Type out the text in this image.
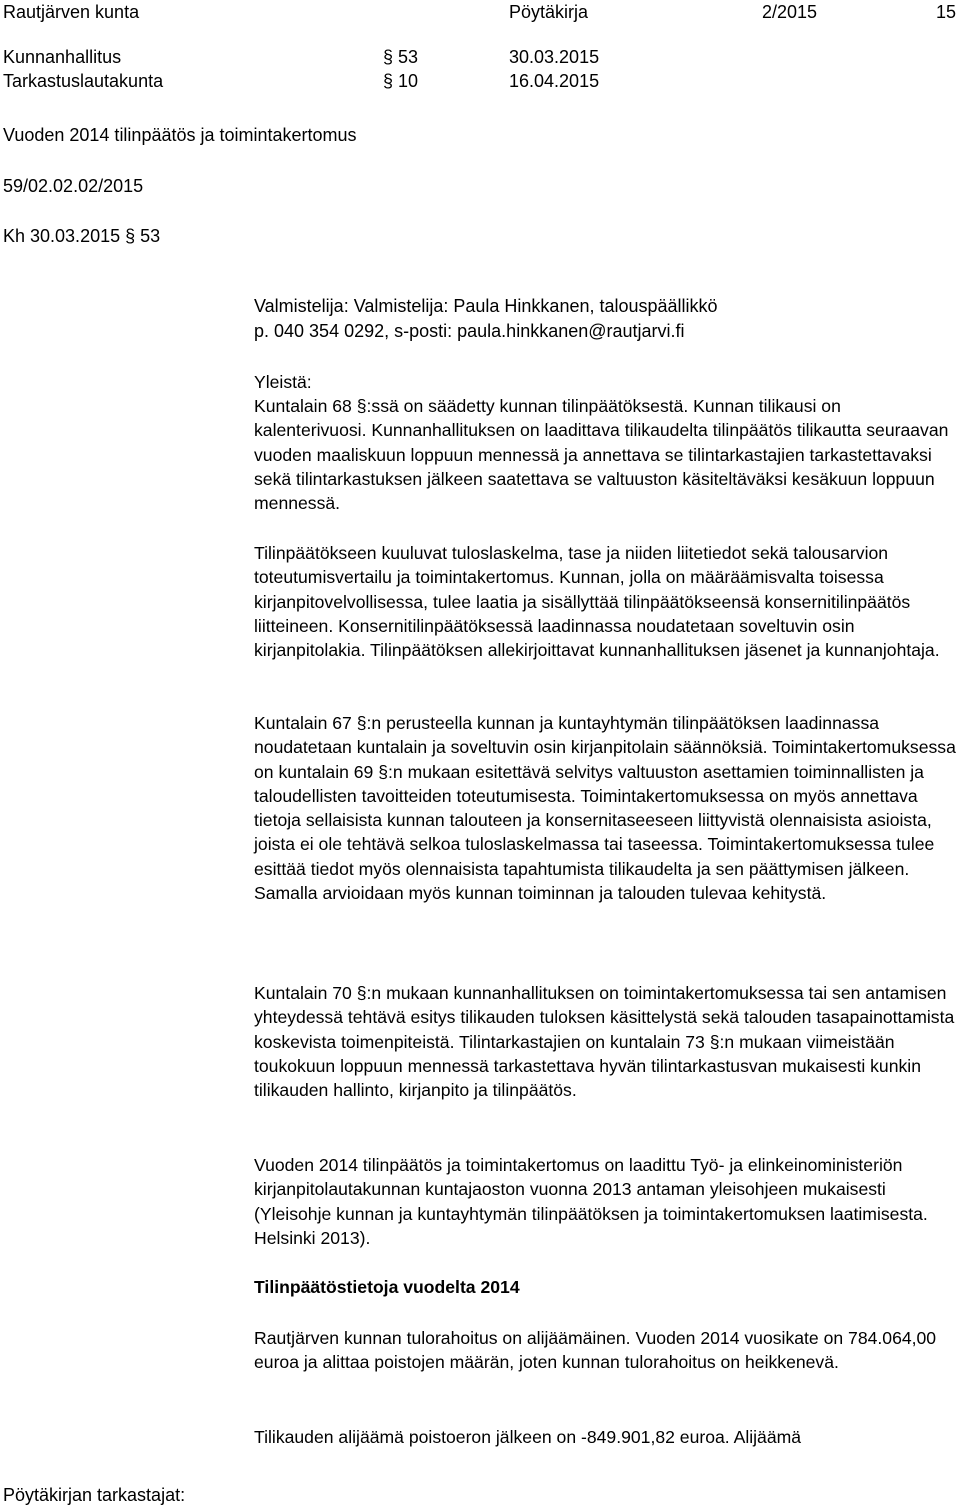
Rautjärven kunta	Pöytäkirja	2/2015	15
Kunnanhallitus	§ 53	30.03.2015
Tarkastuslautakunta	§ 10	16.04.2015
Vuoden 2014 tilinpäätös ja toimintakertomus
59/02.02.02/2015
Kh 30.03.2015 § 53
Valmistelija: Valmistelija: Paula Hinkkanen, talouspäällikkö
p. 040 354 0292, s-posti: paula.hinkkanen@rautjarvi.fi

Yleistä:

Kuntalain 68 §:ssä on säädetty kunnan tilinpäätöksestä. Kunnan tilikausi on kalenterivuosi. Kunnanhallituksen on laadittava tilikaudelta tilinpäätös tilikautta seuraavan vuoden maaliskuun loppuun mennessä ja annettava se tilintarkastajien tarkastettavaksi sekä tilintarkastuksen jälkeen saatettava se valtuuston käsiteltäväksi kesäkuun loppuun mennessä.

Tilinpäätökseen kuuluvat tuloslaskelma, tase ja niiden liitetiedot sekä talousarvion toteutumisvertailu ja toimintakertomus. Kunnan, jolla on määräämisvalta toisessa kirjanpitovelvollisessa, tulee laatia ja sisällyttää tilinpäätökseensä konsernitilinpäätös liitteineen. Konsernitilinpäätöksessä laadinnassa noudatetaan soveltuvin osin kirjanpitolakia. Tilinpäätöksen allekirjoittavat kunnanhallituksen jäsenet ja kunnanjohtaja.

Kuntalain 67 §:n perusteella kunnan ja kuntayhtymän tilinpäätöksen laadinnassa noudatetaan kuntalain ja soveltuvin osin kirjanpitolain säännöksiä. Toimintakertomuksessa on kuntalain 69 §:n mukaan esitettävä selvitys valtuuston asettamien toiminnallisten ja taloudellisten tavoitteiden toteutumisesta. Toimintakertomuksessa on myös annettava tietoja sellaisista kunnan talouteen ja konsernitaseeseen liittyvistä olennaisista asioista, joista ei ole tehtävä selkoa tuloslaskelmassa tai taseessa. Toimintakertomuksessa tulee esittää tiedot myös olennaisista tapahtumista tilikaudelta ja sen päättymisen jälkeen. Samalla arvioidaan myös kunnan toiminnan ja talouden tulevaa kehitystä.

Kuntalain 70 §:n mukaan kunnanhallituksen on toimintakertomuksessa tai sen antamisen yhteydessä tehtävä esitys tilikauden tuloksen käsittelystä sekä talouden tasapainottamista koskevista toimenpiteistä. Tilintarkastajien on kuntalain 73 §:n mukaan viimeistään toukokuun loppuun mennessä tarkastettava hyvän tilintarkastusvan mukaisesti kunkin tilikauden hallinto, kirjanpito ja tilinpäätös.

Vuoden 2014 tilinpäätös ja toimintakertomus on laadittu Työ- ja elinkeinoministeriön kirjanpitolautakunnan kuntajaoston vuonna 2013 antaman yleisohjeen mukaisesti (Yleisohje kunnan ja kuntayhtymän tilinpäätöksen ja toimintakertomuksen laatimisesta. Helsinki 2013).

Tilinpäätöstietoja vuodelta 2014

Rautjärven kunnan tulorahoitus on alijäämäinen. Vuoden 2014 vuosikate on 784.064,00 euroa ja alittaa poistojen määrän, joten kunnan tulorahoitus on heikkenevä.

Tilikauden alijäämä poistoeron jälkeen on -849.901,82 euroa. Alijäämä

Pöytäkirjan tarkastajat:
